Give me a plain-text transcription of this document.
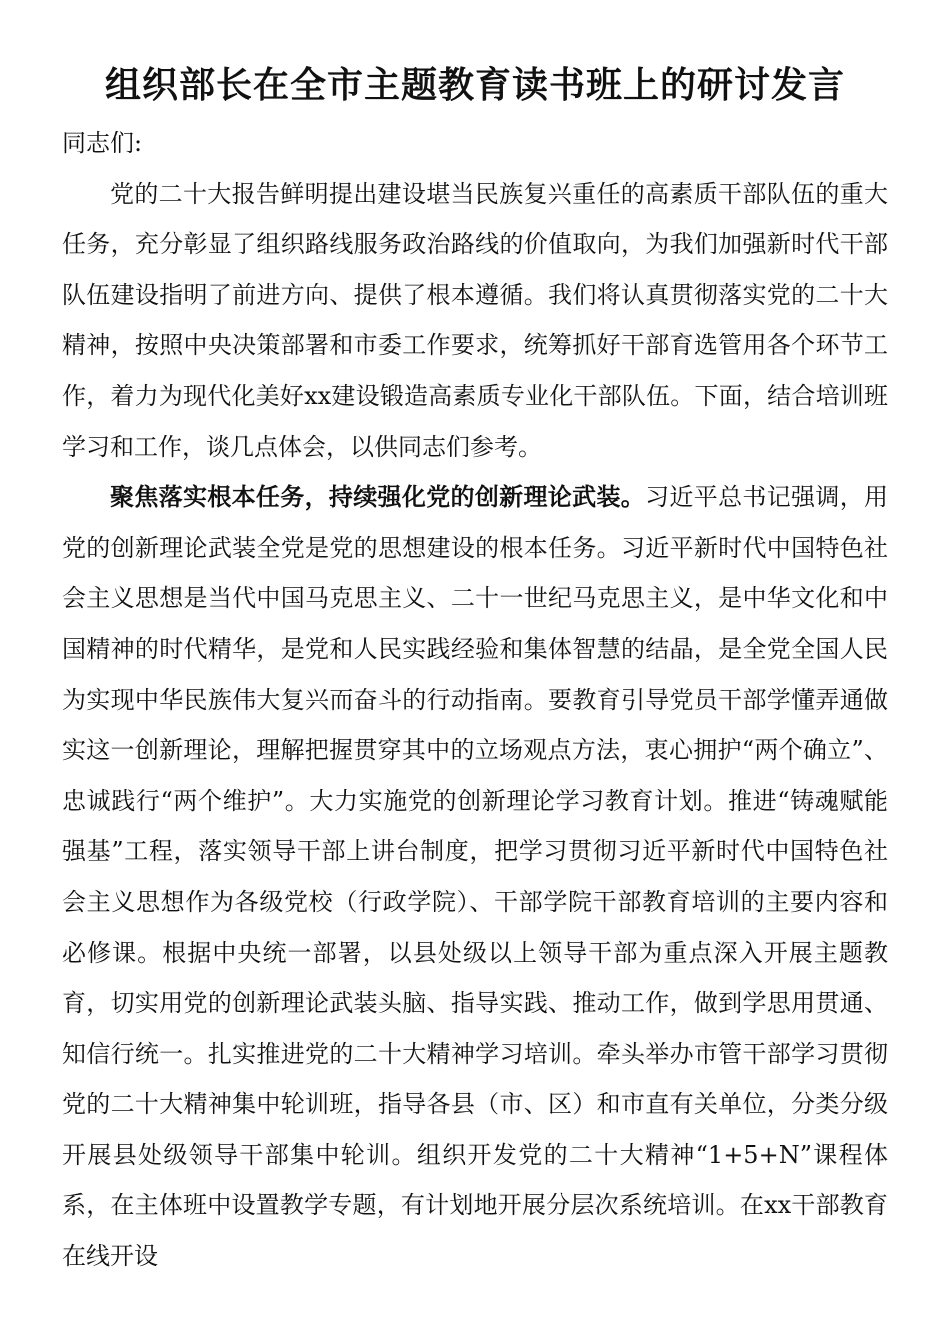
组织部长在全市主题教育读书班上的研讨发言

同志们:

党的二十大报告鲜明提出建设堪当民族复兴重任的高素质干部队伍的重大任务，充分彰显了组织路线服务政治路线的价值取向，为我们加强新时代干部队伍建设指明了前进方向、提供了根本遵循。我们将认真贯彻落实党的二十大精神，按照中央决策部署和市委工作要求，统筹抓好干部育选管用各个环节工作，着力为现代化美好xx建设锻造高素质专业化干部队伍。下面，结合培训班学习和工作，谈几点体会，以供同志们参考。

聚焦落实根本任务，持续强化党的创新理论武装。习近平总书记强调，用党的创新理论武装全党是党的思想建设的根本任务。习近平新时代中国特色社会主义思想是当代中国马克思主义、二十一世纪马克思主义，是中华文化和中国精神的时代精华，是党和人民实践经验和集体智慧的结晶，是全党全国人民为实现中华民族伟大复兴而奋斗的行动指南。要教育引导党员干部学懂弄通做实这一创新理论，理解把握贯穿其中的立场观点方法，衷心拥护“两个确立”、忠诚践行“两个维护”。大力实施党的创新理论学习教育计划。推进“铸魂赋能强基”工程，落实领导干部上讲台制度，把学习贯彻习近平新时代中国特色社会主义思想作为各级党校（行政学院）、干部学院干部教育培训的主要内容和必修课。根据中央统一部署，以县处级以上领导干部为重点深入开展主题教育，切实用党的创新理论武装头脑、指导实践、推动工作，做到学思用贯通、知信行统一。扎实推进党的二十大精神学习培训。牵头举办市管干部学习贯彻党的二十大精神集中轮训班，指导各县（市、区）和市直有关单位，分类分级开展县处级领导干部集中轮训。组织开发党的二十大精神“1+5+N”课程体系，在主体班中设置教学专题，有计划地开展分层次系统培训。在xx干部教育在线开设
